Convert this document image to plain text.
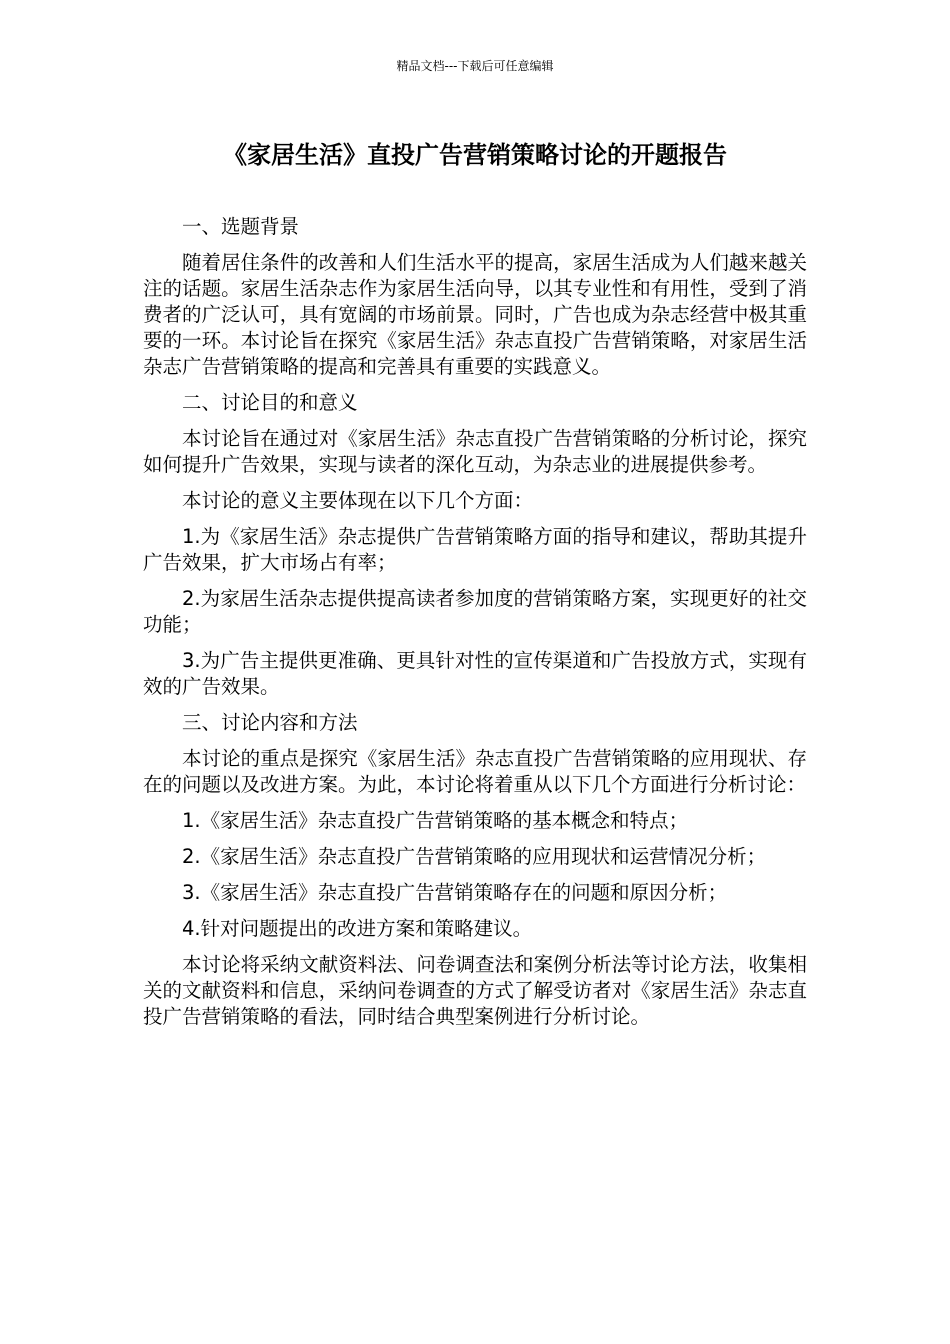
精品文档---下载后可任意编辑
《家居生活》直投广告营销策略讨论的开题报告

一、选题背景

随着居住条件的改善和人们生活水平的提高，家居生活成为人们越来越关注的话题。家居生活杂志作为家居生活向导，以其专业性和有用性，受到了消费者的广泛认可，具有宽阔的市场前景。同时，广告也成为杂志经营中极其重要的一环。本讨论旨在探究《家居生活》杂志直投广告营销策略，对家居生活杂志广告营销策略的提高和完善具有重要的实践意义。

二、讨论目的和意义

本讨论旨在通过对《家居生活》杂志直投广告营销策略的分析讨论，探究如何提升广告效果，实现与读者的深化互动，为杂志业的进展提供参考。

本讨论的意义主要体现在以下几个方面：

1.为《家居生活》杂志提供广告营销策略方面的指导和建议，帮助其提升广告效果，扩大市场占有率；

2.为家居生活杂志提供提高读者参加度的营销策略方案，实现更好的社交功能；

3.为广告主提供更准确、更具针对性的宣传渠道和广告投放方式，实现有效的广告效果。

三、讨论内容和方法

本讨论的重点是探究《家居生活》杂志直投广告营销策略的应用现状、存在的问题以及改进方案。为此，本讨论将着重从以下几个方面进行分析讨论：

1.《家居生活》杂志直投广告营销策略的基本概念和特点；

2.《家居生活》杂志直投广告营销策略的应用现状和运营情况分析；

3.《家居生活》杂志直投广告营销策略存在的问题和原因分析；

4.针对问题提出的改进方案和策略建议。

本讨论将采纳文献资料法、问卷调查法和案例分析法等讨论方法，收集相关的文献资料和信息，采纳问卷调查的方式了解受访者对《家居生活》杂志直投广告营销策略的看法，同时结合典型案例进行分析讨论。
